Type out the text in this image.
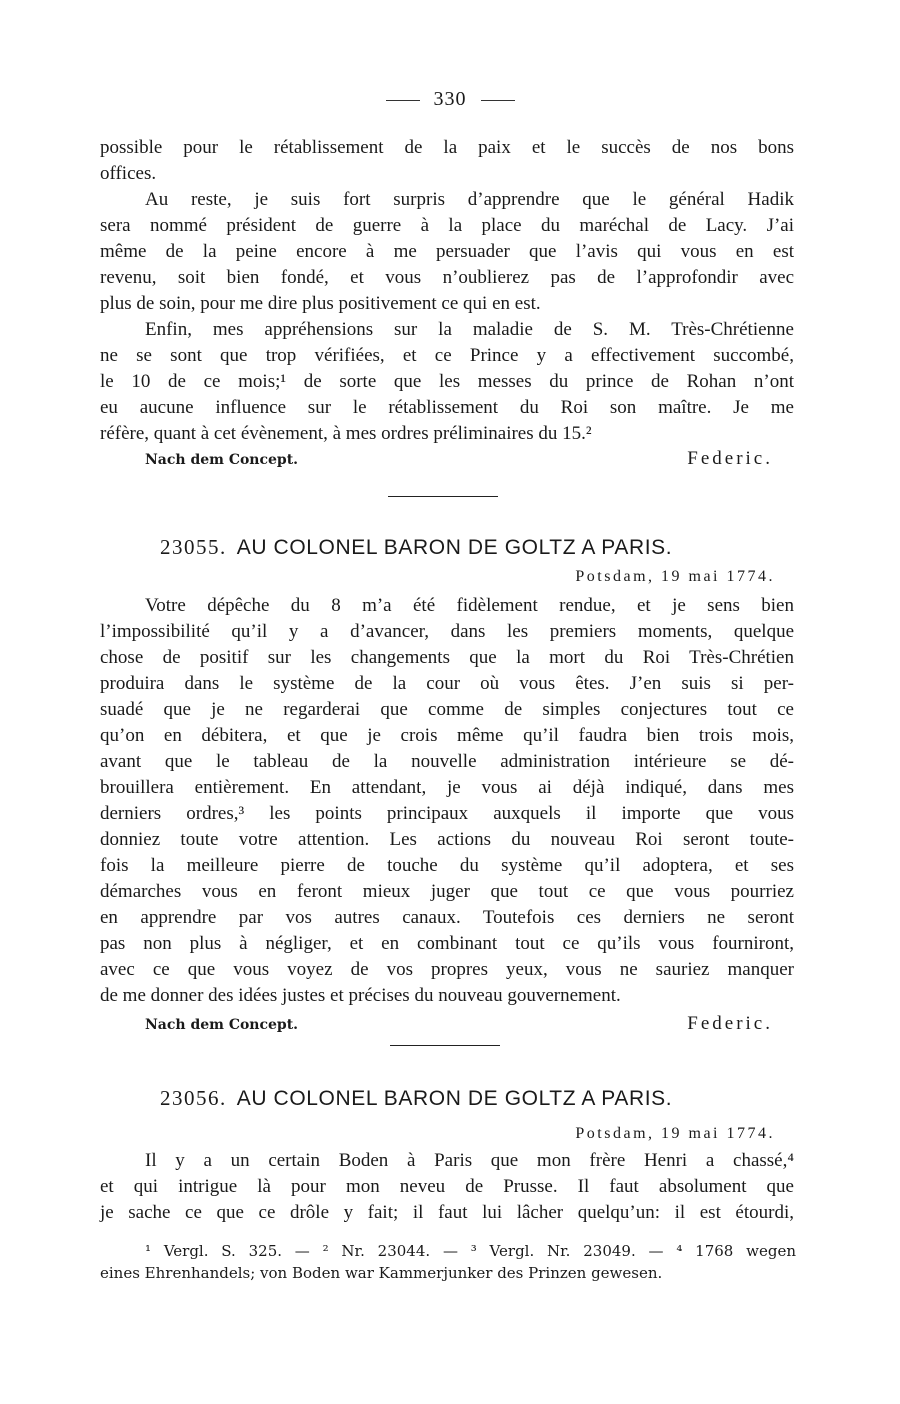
330
possible pour le rétablissement de la paix et le succès de nos bons
offices.
Au reste, je suis fort surpris d’apprendre que le général Hadik
sera nommé président de guerre à la place du maréchal de Lacy. J’ai
même de la peine encore à me persuader que l’avis qui vous en est
revenu, soit bien fondé, et vous n’oublierez pas de l’approfondir avec
plus de soin, pour me dire plus positivement ce qui en est.
Enfin, mes appréhensions sur la maladie de S. M. Très-Chrétienne
ne se sont que trop vérifiées, et ce Prince y a effectivement succombé,
le 10 de ce mois;¹ de sorte que les messes du prince de Rohan n’ont
eu aucune influence sur le rétablissement du Roi son maître. Je me
réfère, quant à cet évènement, à mes ordres préliminaires du 15.²
Nach dem Concept.	Federic.
23055. AU COLONEL BARON DE GOLTZ A PARIS.
Potsdam, 19 mai 1774.
Votre dépêche du 8 m’a été fidèlement rendue, et je sens bien
l’impossibilité qu’il y a d’avancer, dans les premiers moments, quelque
chose de positif sur les changements que la mort du Roi Très-Chrétien
produira dans le système de la cour où vous êtes. J’en suis si per-
suadé que je ne regarderai que comme de simples conjectures tout ce
qu’on en débitera, et que je crois même qu’il faudra bien trois mois,
avant que le tableau de la nouvelle administration intérieure se dé-
brouillera entièrement. En attendant, je vous ai déjà indiqué, dans mes
derniers ordres,³ les points principaux auxquels il importe que vous
donniez toute votre attention. Les actions du nouveau Roi seront toute-
fois la meilleure pierre de touche du système qu’il adoptera, et ses
démarches vous en feront mieux juger que tout ce que vous pourriez
en apprendre par vos autres canaux. Toutefois ces derniers ne seront
pas non plus à négliger, et en combinant tout ce qu’ils vous fourniront,
avec ce que vous voyez de vos propres yeux, vous ne sauriez manquer
de me donner des idées justes et précises du nouveau gouvernement.
Nach dem Concept.	Federic.
23056. AU COLONEL BARON DE GOLTZ A PARIS.
Potsdam, 19 mai 1774.
Il y a un certain Boden à Paris que mon frère Henri a chassé,⁴
et qui intrigue là pour mon neveu de Prusse. Il faut absolument que
je sache ce que ce drôle y fait; il faut lui lâcher quelqu’un: il est étourdi,
¹ Vergl. S. 325. — ² Nr. 23044. — ³ Vergl. Nr. 23049. — ⁴ 1768 wegen
eines Ehrenhandels; von Boden war Kammerjunker des Prinzen gewesen.
